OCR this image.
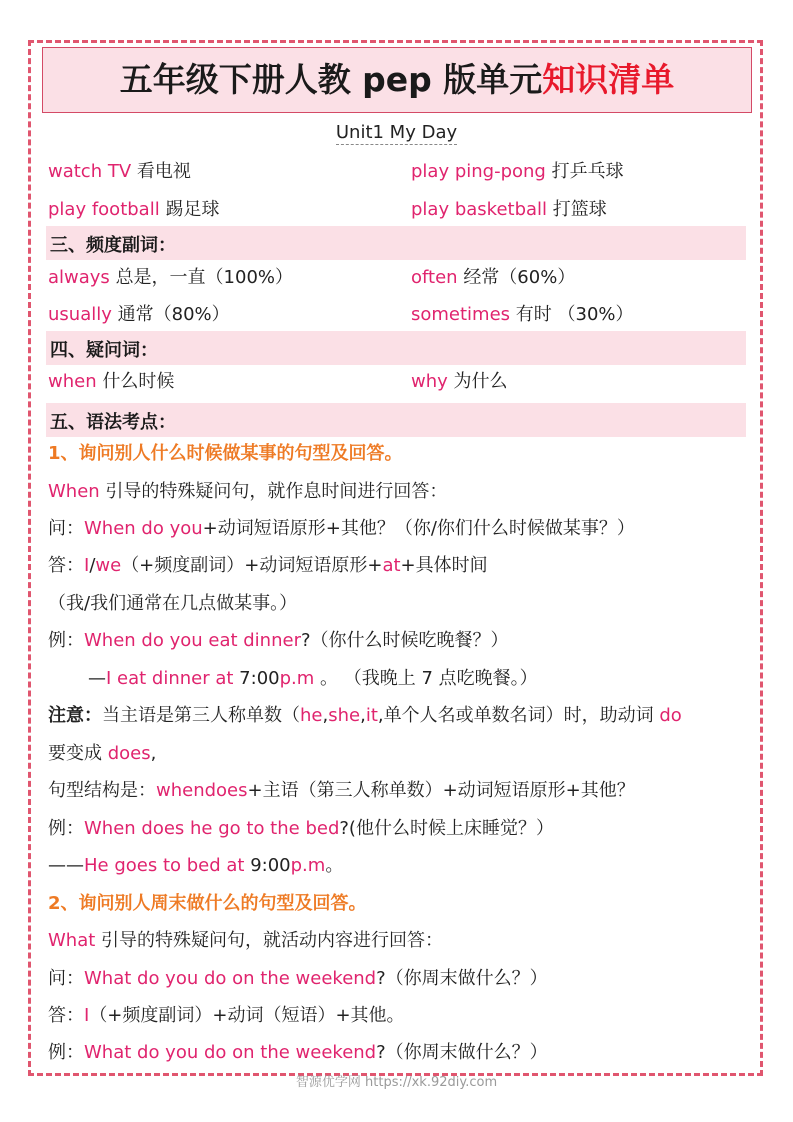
五年级下册人教 pep 版单元知识清单
Unit1 My Day
watch TV 看电视	play ping-pong 打乒乓球
play football 踢足球	play basketball 打篮球
三、频度副词：
always 总是，一直（100%）	often 经常（60%）
usually 通常（80%）	sometimes 有时 （30%）
四、疑问词：
when 什么时候	why 为什么
五、语法考点：
1、询问别人什么时候做某事的句型及回答。
When 引导的特殊疑问句，就作息时间进行回答：
问：When do you+动词短语原形+其他？（你/你们什么时候做某事？）
答：I/we（+频度副词）+动词短语原形+at+具体时间
（我/我们通常在几点做某事。）
例：When do you eat dinner?（你什么时候吃晚餐？）
—I eat dinner at 7:00p.m 。 （我晚上 7 点吃晚餐。）
注意：当主语是第三人称单数（he,she,it,单个人名或单数名词）时，助动词 do
要变成 does,
句型结构是：whendoes+主语（第三人称单数）+动词短语原形+其他？
例：When does he go to the bed?(他什么时候上床睡觉？）
——He goes to bed at 9:00p.m。
2、询问别人周末做什么的句型及回答。
What 引导的特殊疑问句，就活动内容进行回答：
问：What do you do on the weekend?（你周末做什么？）
答：I（+频度副词）+动词（短语）+其他。
例：What do you do on the weekend?（你周末做什么？）
智源优学网 https://xk.92diy.com
